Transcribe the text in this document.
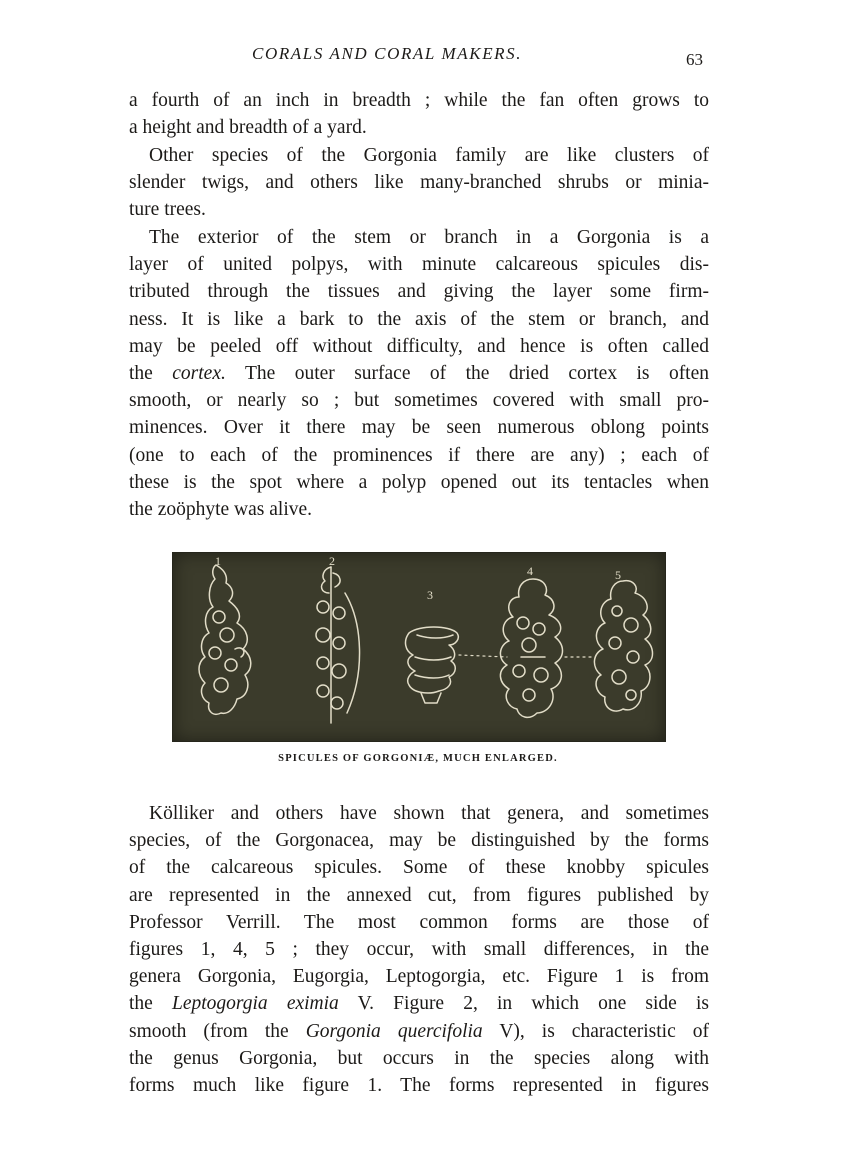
CORALS AND CORAL MAKERS.	63
a fourth of an inch in breadth ; while the fan often grows to
a height and breadth of a yard.
Other species of the Gorgonia family are like clusters of
slender twigs, and others like many-branched shrubs or minia-
ture trees.
The exterior of the stem or branch in a Gorgonia is a
layer of united polpys, with minute calcareous spicules dis-
tributed through the tissues and giving the layer some firm-
ness. It is like a bark to the axis of the stem or branch, and
may be peeled off without difficulty, and hence is often called
the cortex. The outer surface of the dried cortex is often
smooth, or nearly so ; but sometimes covered with small pro-
minences. Over it there may be seen numerous oblong points
(one to each of the prominences if there are any) ; each of
these is the spot where a polyp opened out its tentacles when
the zoöphyte was alive.
1	2
3
4	5
SPICULES OF GORGONIÆ, MUCH ENLARGED.
Kölliker and others have shown that genera, and sometimes
species, of the Gorgonacea, may be distinguished by the forms
of the calcareous spicules. Some of these knobby spicules
are represented in the annexed cut, from figures published by
Professor Verrill. The most common forms are those of
figures 1, 4, 5 ; they occur, with small differences, in the
genera Gorgonia, Eugorgia, Leptogorgia, etc. Figure 1 is from
the Leptogorgia eximia V. Figure 2, in which one side is
smooth (from the Gorgonia quercifolia V), is characteristic of
the genus Gorgonia, but occurs in the species along with
forms much like figure 1. The forms represented in figures
